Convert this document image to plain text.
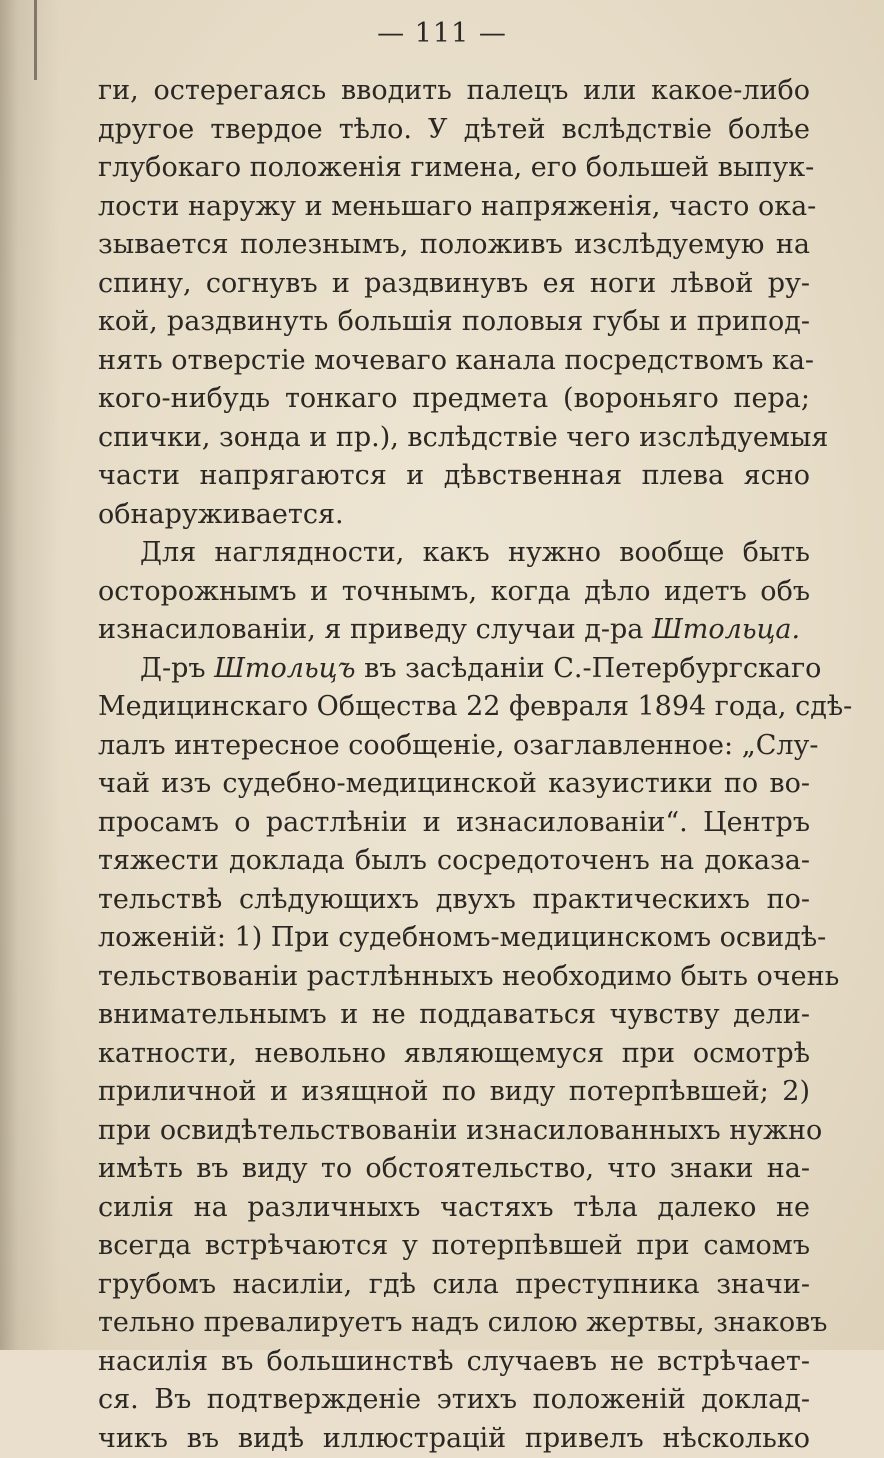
— 111 —
ги, остерегаясь вводить палецъ или какое-либо
другое твердое тѣло. У дѣтей вслѣдствіе болѣе
глубокаго положенія гимена, его большей выпук-
лости наружу и меньшаго напряженія, часто ока-
зывается полезнымъ, положивъ изслѣдуемую на
спину, согнувъ и раздвинувъ ея ноги лѣвой ру-
кой, раздвинуть большія половыя губы и припод-
нять отверстіе мочеваго канала посредствомъ ка-
кого-нибудь тонкаго предмета (вороньяго пера;
спички, зонда и пр.), вслѣдствіе чего изслѣдуемыя
части напрягаются и дѣвственная плева ясно
обнаруживается.
Для наглядности, какъ нужно вообще быть
осторожнымъ и точнымъ, когда дѣло идетъ объ
изнасилованіи, я приведу случаи д-ра Штольца.
Д-ръ Штольцъ въ засѣданіи С.-Петербургскаго
Медицинскаго Общества 22 февраля 1894 года, сдѣ-
лалъ интересное сообщеніе, озаглавленное: „Слу-
чай изъ судебно-медицинской казуистики по во-
просамъ о растлѣніи и изнасилованіи“. Центръ
тяжести доклада былъ сосредоточенъ на доказа-
тельствѣ слѣдующихъ двухъ практическихъ по-
ложеній: 1) При судебномъ-медицинскомъ освидѣ-
тельствованіи растлѣнныхъ необходимо быть очень
внимательнымъ и не поддаваться чувству дели-
катности, невольно являющемуся при осмотрѣ
приличной и изящной по виду потерпѣвшей; 2)
при освидѣтельствованіи изнасилованныхъ нужно
имѣть въ виду то обстоятельство, что знаки на-
силія на различныхъ частяхъ тѣла далеко не
всегда встрѣчаются у потерпѣвшей при самомъ
грубомъ насиліи, гдѣ сила преступника значи-
тельно превалируетъ надъ силою жертвы, знаковъ
насилія въ большинствѣ случаевъ не встрѣчает-
ся. Въ подтвержденіе этихъ положеній доклад-
чикъ въ видѣ иллюстрацій привелъ нѣсколько
